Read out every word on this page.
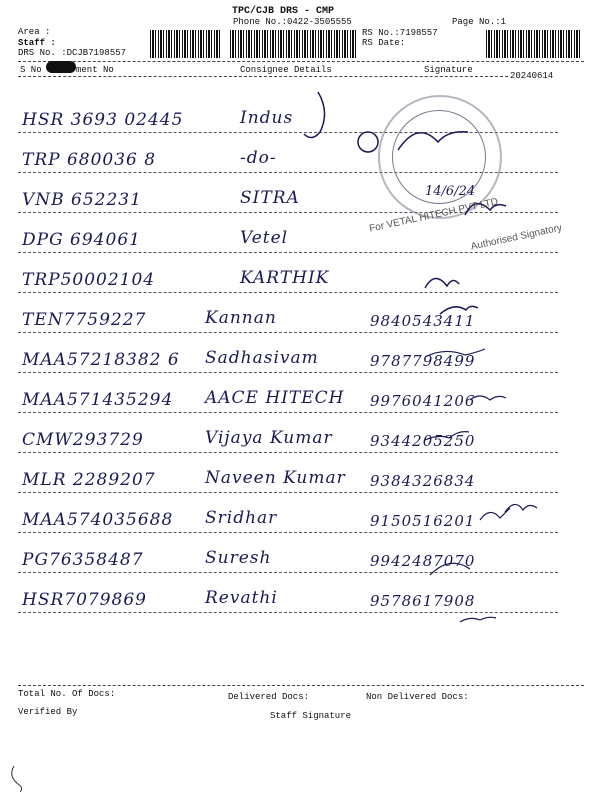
TPC/CJB DRS - CMP
Phone No.:0422-3505555	Page No.:1
Area :
Staff :
DRS No. :DCJB7198557
RS No.:7198557
RS Date:
S No	ment No	Consignee Details	Signature
20240614
HSR 3693 02445	Indus
TRP 680036 8	-do-
VNB 652231	SITRA
DPG 694061	Vetel
TRP50002104	KARTHIK
TEN7759227	Kannan	9840543411
MAA57218382 6 Sadhasivam	9787798499
MAA571435294 AACE HITECH 9976041206
CMW293729	Vijaya Kumar 9344205250
MLR 2289207	Naveen Kumar 9384326834
MAA574035688 Sridhar	9150516201
PG76358487	Suresh	9942487070
HSR7079869	Revathi	9578617908
For VETAL HITECH PVT LTD
Authorised Signatory
14/6/24
Total No. Of Docs:	Delivered Docs:	Non Delivered Docs:
Verified By	Staff Signature
